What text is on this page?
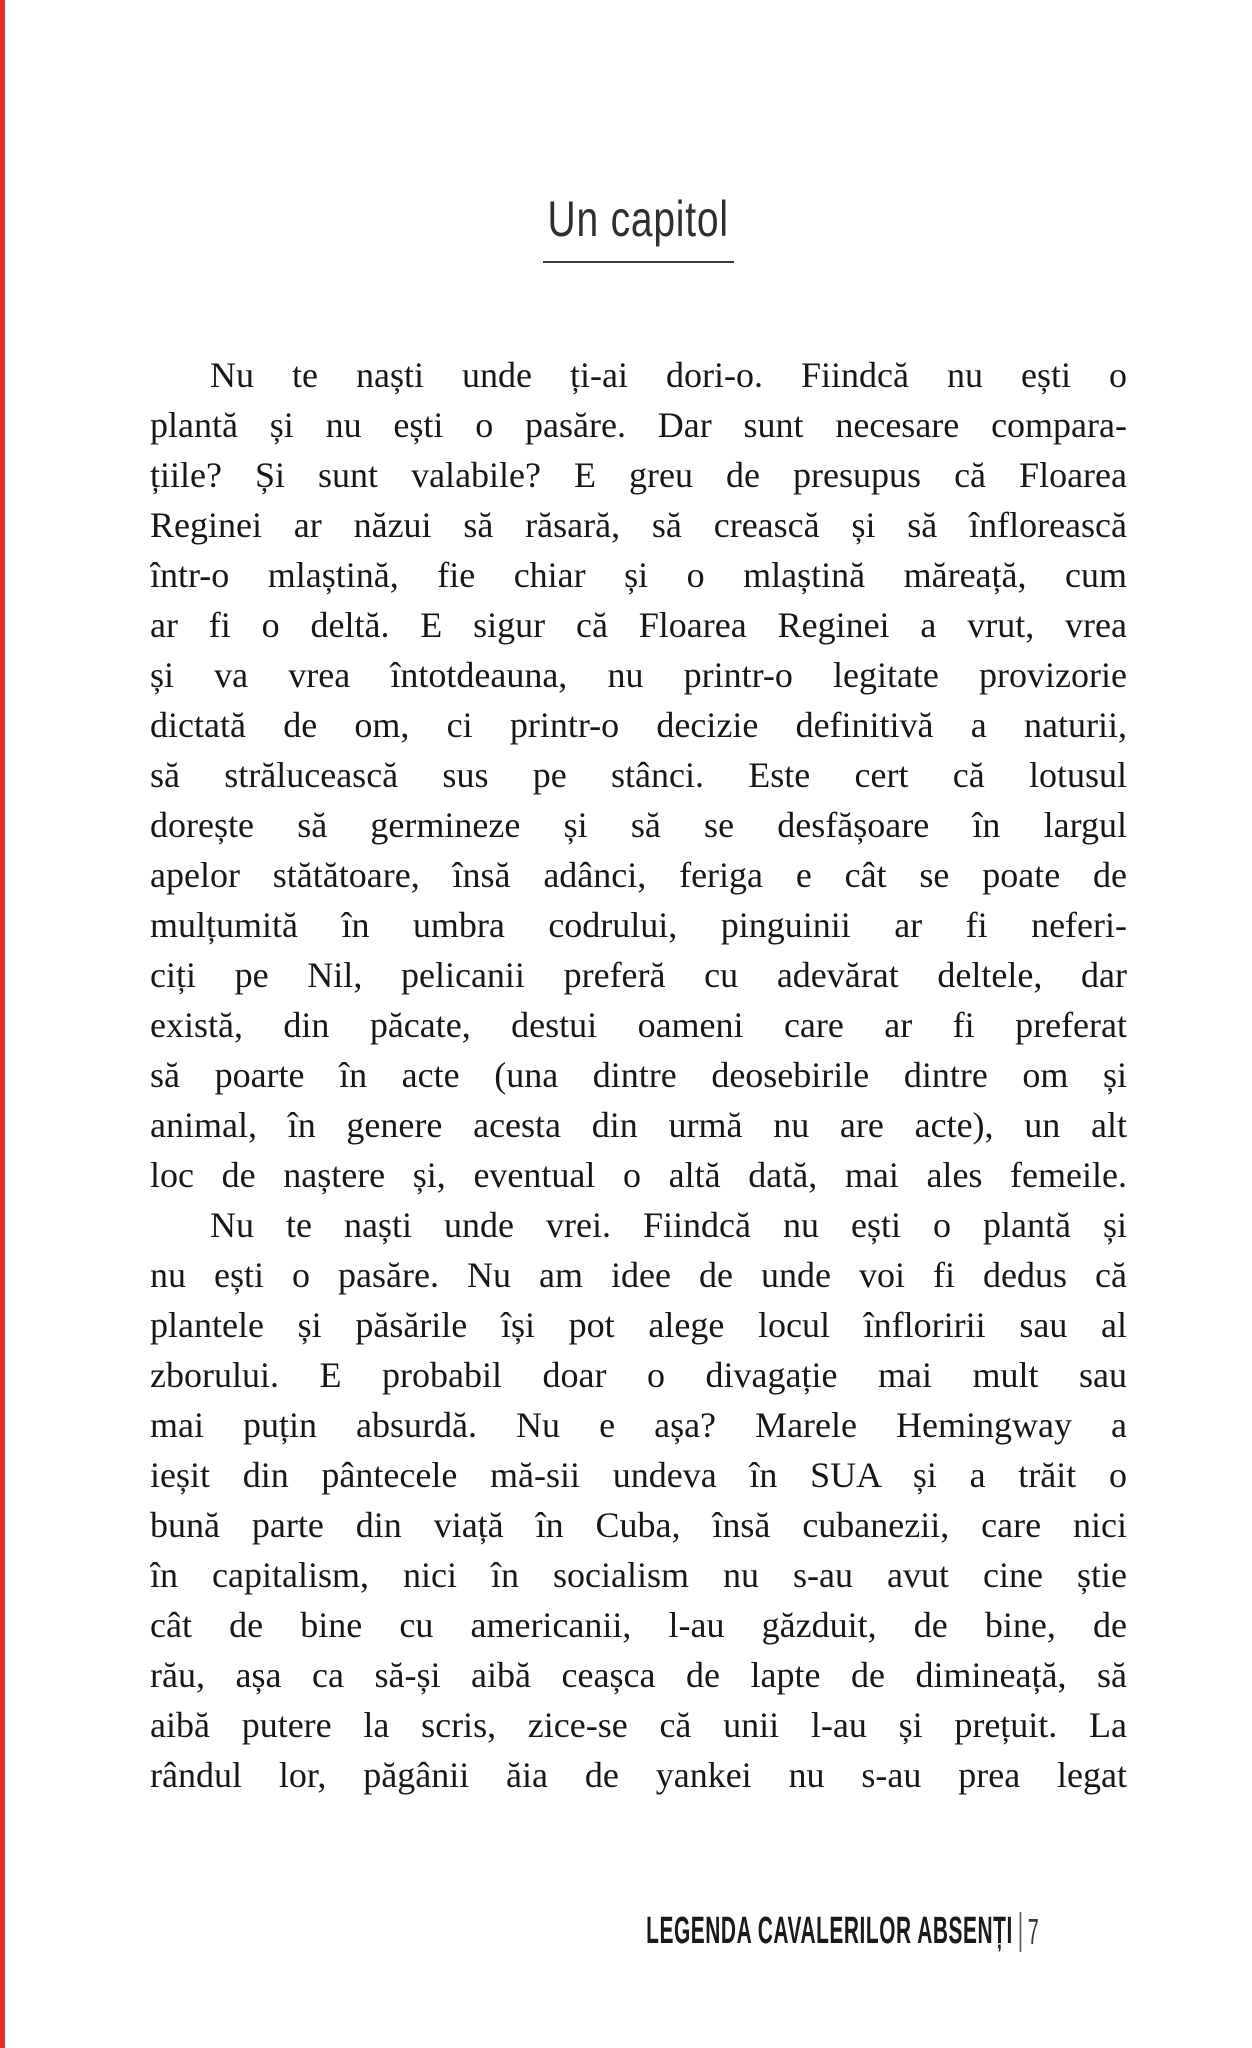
Un capitol
Nu te naști unde ți-ai dori-o. Fiindcă nu ești o
plantă și nu ești o pasăre. Dar sunt necesare compara-
țiile? Și sunt valabile? E greu de presupus că Floarea
Reginei ar năzui să răsară, să crească și să înflorească
într-o mlaștină, fie chiar și o mlaștină măreață, cum
ar fi o deltă. E sigur că Floarea Reginei a vrut, vrea
și va vrea întotdeauna, nu printr-o legitate provizorie
dictată de om, ci printr-o decizie definitivă a naturii,
să strălucească sus pe stânci. Este cert că lotusul
dorește să germineze și să se desfășoare în largul
apelor stătătoare, însă adânci, feriga e cât se poate de
mulțumită în umbra codrului, pinguinii ar fi neferi-
ciți pe Nil, pelicanii preferă cu adevărat deltele, dar
există, din păcate, destui oameni care ar fi preferat
să poarte în acte (una dintre deosebirile dintre om și
animal, în genere acesta din urmă nu are acte), un alt
loc de naștere și, eventual o altă dată, mai ales femeile.
Nu te naști unde vrei. Fiindcă nu ești o plantă și
nu ești o pasăre. Nu am idee de unde voi fi dedus că
plantele și păsările își pot alege locul înfloririi sau al
zborului. E probabil doar o divagație mai mult sau
mai puțin absurdă. Nu e așa? Marele Hemingway a
ieșit din pântecele mă-sii undeva în SUA și a trăit o
bună parte din viață în Cuba, însă cubanezii, care nici
în capitalism, nici în socialism nu s-au avut cine știe
cât de bine cu americanii, l-au găzduit, de bine, de
rău, așa ca să-și aibă ceașca de lapte de dimineață, să
aibă putere la scris, zice-se că unii l-au și prețuit. La
rândul lor, păgânii ăia de yankei nu s-au prea legat
LEGENDA CAVALERILOR ABSENȚI 7
